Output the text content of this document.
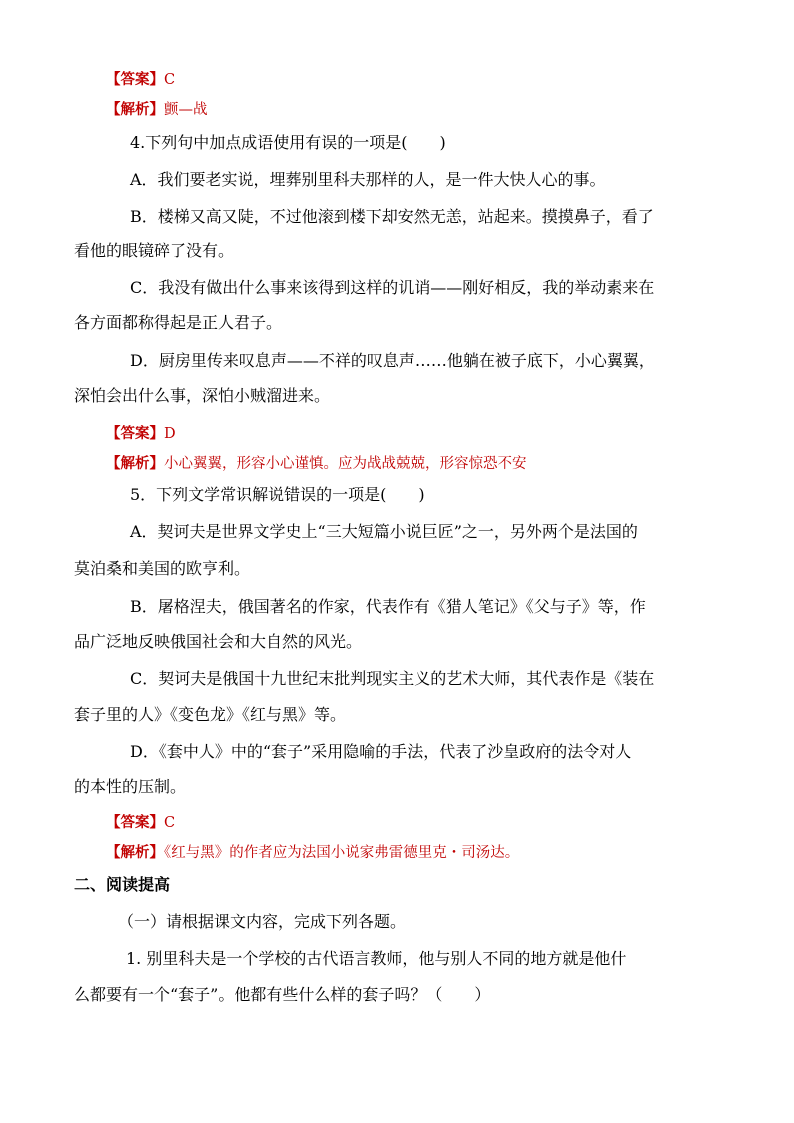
【答案】C
【解析】颤—战
4.下列句中加点成语使用有误的一项是(　　)
A．我们要老实说，埋葬别里科夫那样的人，是一件大快人心的事。
B．楼梯又高又陡，不过他滚到楼下却安然无恙，站起来。摸摸鼻子，看了
看他的眼镜碎了没有。
C．我没有做出什么事来该得到这样的讥诮——刚好相反，我的举动素来在
各方面都称得起是正人君子。
D．厨房里传来叹息声——不祥的叹息声……他躺在被子底下，小心翼翼，
深怕会出什么事，深怕小贼溜进来。
【答案】D
【解析】小心翼翼，形容小心谨慎。应为战战兢兢，形容惊恐不安
5．下列文学常识解说错误的一项是(　　)
A．契诃夫是世界文学史上“三大短篇小说巨匠”之一，另外两个是法国的
莫泊桑和美国的欧亨利。
B．屠格涅夫，俄国著名的作家，代表作有《猎人笔记》《父与子》等，作
品广泛地反映俄国社会和大自然的风光。
C．契诃夫是俄国十九世纪末批判现实主义的艺术大师，其代表作是《装在
套子里的人》《变色龙》《红与黑》等。
D．《套中人》中的“套子”采用隐喻的手法，代表了沙皇政府的法令对人
的本性的压制。
【答案】C
【解析】《红与黑》的作者应为法国小说家弗雷德里克・司汤达。
二、阅读提高
（一）请根据课文内容，完成下列各题。
1. 别里科夫是一个学校的古代语言教师，他与别人不同的地方就是他什
么都要有一个“套子”。他都有些什么样的套子吗？（　　）
